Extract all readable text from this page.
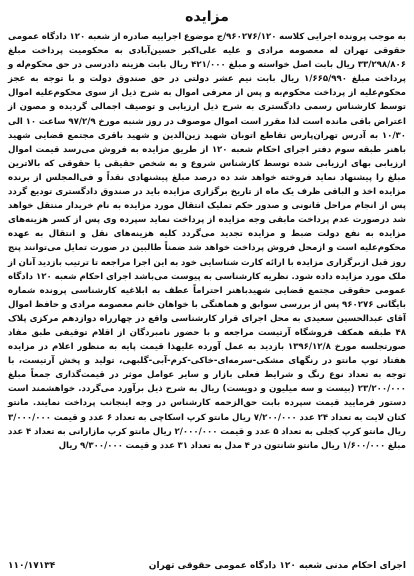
مزایده

به موجب پرونده اجرایی کلاسه ۹۶۰۲۷۶/۱۲۰/ج موضوع اجراییه صادره از شعبه ۱۲۰ دادگاه عمومی حقوقی تهران له معصومه مرادی و علیه علی‌اکبر حسین‌آبادی به محکومیت پرداخت مبلغ ۳۳/۲۹۸/۸۰۶ ریال بابت اصل خواسته و مبلغ ۴۲۱/۰۰۰ ریال بابت هزینه دادرسی در حق محکوم‌له و پرداخت مبلغ ۱/۶۶۵/۹۹۰ ریال بابت نیم عشر دولتی در حق صندوق دولت و با توجه به عجز محکوم‌علیه از پرداخت محکوم‌به و پس از معرفی اموال به شرح ذیل از سوی محکوم‌علیه اموال توسط کارشناس رسمی دادگستری به شرح ذیل ارزیابی و توصیف اجمالی گردیده و مصون از اعتراض باقی مانده است لذا مقرر است اموال موصوف در روز شنبه مورخ ۹۷/۲/۹ ساعت ۱۰ الی ۱۰/۳۰ به آدرس تهران‌پارس تقاطع اتوبان شهید زین‌الدین و شهید باقری مجتمع قضایی شهید باهنر طبقه سوم دفتر اجرای احکام شعبه ۱۲۰ از طریق مزایده به فروش می‌رسد قیمت اموال ارزیابی بهای ارزیابی شده توسط کارشناس شروع و به شخص حقیقی یا حقوقی که بالاترین مبلغ را پیشنهاد نماید فروخته خواهد شد ده درصد مبلغ پیشنهادی نقداً و فی‌المجلس از برنده مزایده اخذ و الباقی ظرف یک ماه از تاریخ برگزاری مزایده باید در صندوق دادگستری تودیع گردد پس از انجام مراحل قانونی و صدور حکم تملیک انتقال مورد مزایده به نام خریدار منتقل خواهد شد درصورت عدم پرداخت مابقی وجه مزایده از پرداخت نماید سپرده وی پس از کسر هزینه‌های مزایده به نفع دولت ضبط و مزایده تجدید می‌گردد کلیه هزینه‌های نقل و انتقال به عهده محکوم‌علیه است و ازمحل فروش پرداخت خواهد شد ضمناً طالبین در صورت تمایل می‌توانند پنج روز قبل ازبرگزاری مزایده با ارائه کارت شناسایی خود به این اجرا مراجعه تا ترتیب بازدید آنان از ملک مورد مزایده داده شود. نظریه کارشناسی به پیوست می‌باشد اجرای احکام شعبه ۱۲۰ دادگاه عمومی حقوقی مجتمع قضایی شهیدباهنر احتراماً عطف به ابلاغیه کارشناسی پرونده شماره بایگانی ۹۶۰۲۷۶ پس از بررسی سوابق و هماهنگی با خواهان خانم معصومه مرادی و حافظ اموال آقای عبدالحسین سعیدی به محل اجرای قرار کارشناسی واقع در چهارراه دوازدهم مرکزی پلاک ۴۸ طبقه همکف فروشگاه آرتیست مراجعه و با حضور نامبردگان از اقلام توقیفی طبق مفاد صورتجلسه مورخ ۱۳۹۶/۱۲/۸ بازدید به عمل آورده علیهذا قیمت پایه به منظور اعلام در مزایده هفتاد توپ مانتو در رنگهای مشکی-سرمه‌ای-خاکی-کرم-آبی-گلبهی، تولید و پخش آرتیست، با توجه به تعداد نوع رنگ و شرایط فعلی بازار و سایر عوامل موثر در قیمت‌گذاری جمعاً مبلغ ۲۳/۲۰۰/۰۰۰ (بیست و سه میلیون و دویست) ریال به شرح ذیل برآورد می‌گردد. خواهشمند است دستور فرمایید قیمت سپرده بابت حق‌الزحمه کارشناس در وجه اینجانب پرداخت نمایند. مانتو کتان لایت به تعداد ۲۴ عدد ۷/۲۰۰/۰۰۰ ریال مانتو کرپ اسکاچی به تعداد ۶ عدد و قیمت ۳/۰۰۰/۰۰۰ ریال مانتو کرپ کجلی به تعداد ۵ عدد و قیمت ۲/۰۰۰/۰۰۰ ریال مانتو کرپ مازارانی به تعداد ۴ عدد مبلغ ۱/۶۰۰/۰۰۰ ریال مانتو شانتون در ۴ مدل به تعداد ۳۱ عدد و قیمت ۹/۳۰۰/۰۰۰ ریال

اجرای احکام مدنی شعبه ۱۲۰ دادگاه عمومی حقوقی تهران
۱۱۰/۱۷۱۳۴
